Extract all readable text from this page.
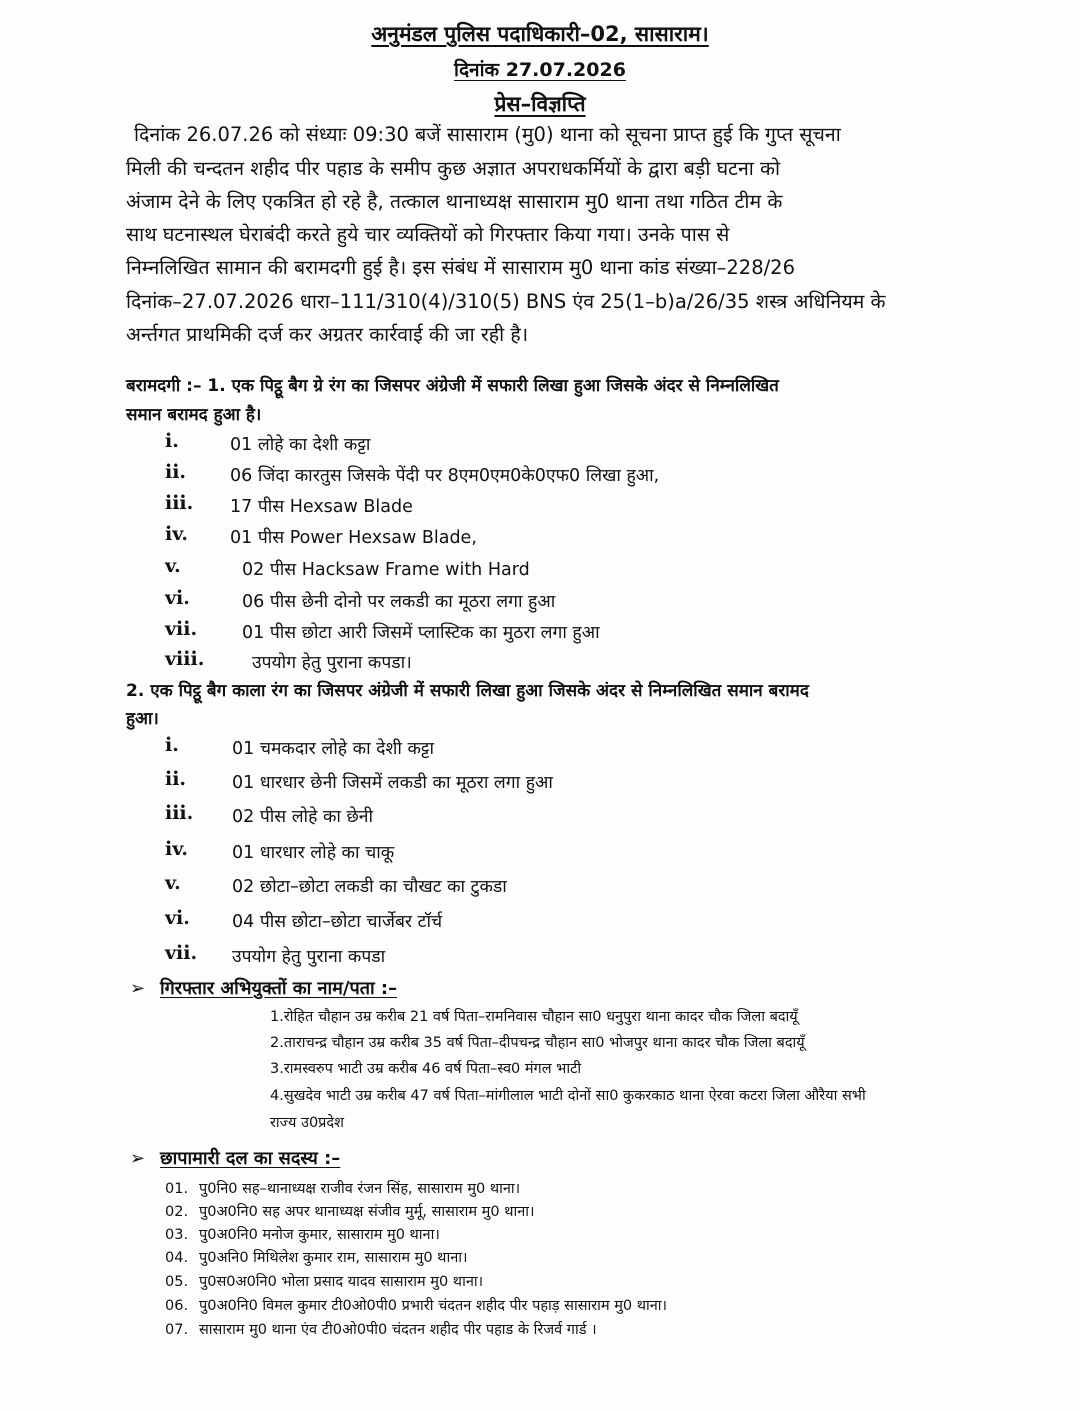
अनुमंडल पुलिस पदाधिकारी–02, सासाराम।
दिनांक 27.07.2026
प्रेस–विज्ञप्ति
दिनांक 26.07.26 को संध्याः 09:30 बजें सासाराम (मु0) थाना को सूचना प्राप्त हुई कि गुप्त सूचना
मिली की चन्दतन शहीद पीर पहाड के समीप कुछ अज्ञात अपराधकर्मियों के द्वारा बड़ी घटना को
अंजाम देने के लिए एकत्रित हो रहे है, तत्काल थानाध्यक्ष सासाराम मु0 थाना तथा गठित टीम के
साथ घटनास्थल घेराबंदी करते हुये चार व्यक्तियों को गिरफ्तार किया गया। उनके पास से
निम्नलिखित सामान की बरामदगी हुई है। इस संबंध में सासाराम मु0 थाना कांड संख्या–228/26
दिनांक–27.07.2026 धारा–111/310(4)/310(5) BNS एंव 25(1–b)a/26/35 शस्त्र अधिनियम के
अर्न्तगत प्राथमिकी दर्ज कर अग्रतर कार्रवाई की जा रही है।
बरामदगी :– 1. एक पिट्ठू बैग ग्रे रंग का जिसपर अंग्रेजी में सफारी लिखा हुआ जिसके अंदर से निम्नलिखित
समान बरामद हुआ है।
i.	01 लोहे का देशी कट्टा
ii.	06 जिंदा कारतुस जिसके पेंदी पर 8एम0एम0के0एफ0 लिखा हुआ,
iii. 17 पीस Hexsaw Blade
iv. 01 पीस Power Hexsaw Blade,
v.	02 पीस Hacksaw Frame with Hard
vi.	06 पीस छेनी दोनो पर लकडी का मूठरा लगा हुआ
vii.	01 पीस छोटा आरी जिसमें प्लास्टिक का मुठरा लगा हुआ
viii.	उपयोग हेतु पुराना कपडा।
2. एक पिट्ठू बैग काला रंग का जिसपर अंग्रेजी में सफारी लिखा हुआ जिसके अंदर से निम्नलिखित समान बरामद
हुआ।
i.	01 चमकदार लोहे का देशी कट्टा
ii.	01 धारधार छेनी जिसमें लकडी का मूठरा लगा हुआ
iii. 02 पीस लोहे का छेनी
iv.	01 धारधार लोहे का चाकू
v.	02 छोटा–छोटा लकडी का चौखट का टुकडा
vi. 04 पीस छोटा–छोटा चार्जेबर टॉर्च
vii. उपयोग हेतु पुराना कपडा
➢ गिरफ्तार अभियुक्तों का नाम/पता :–
1.रोहित चौहान उम्र करीब 21 वर्ष पिता–रामनिवास चौहान सा0 धनुपुरा थाना कादर चौक जिला बदायूँ
2.ताराचन्द्र चौहान उम्र करीब 35 वर्ष पिता–दीपचन्द्र चौहान सा0 भोजपुर थाना कादर चौक जिला बदायूँ
3.रामस्वरुप भाटी उम्र करीब 46 वर्ष पिता–स्व0 मंगल भाटी
4.सुखदेव भाटी उम्र करीब 47 वर्ष पिता–मांगीलाल भाटी दोनों सा0 कुकरकाठ थाना ऐरवा कटरा जिला औरैया सभी
राज्य उ0प्रदेश
➢ छापामारी दल का सदस्य :–
01. पु0नि0 सह–थानाध्यक्ष राजीव रंजन सिंह, सासाराम मु0 थाना।
02. पु0अ0नि0 सह अपर थानाध्यक्ष संजीव मुर्मू, सासाराम मु0 थाना।
03. पु0अ0नि0 मनोज कुमार, सासाराम मु0 थाना।
04. पु0अनि0 मिथिलेश कुमार राम, सासाराम मु0 थाना।
05. पु0स0अ0नि0 भोला प्रसाद यादव सासाराम मु0 थाना।
06. पु0अ0नि0 विमल कुमार टी0ओ0पी0 प्रभारी चंदतन शहीद पीर पहाड़ सासाराम मु0 थाना।
07. सासाराम मु0 थाना एंव टी0ओ0पी0 चंदतन शहीद पीर पहाड के रिजर्व गार्ड ।
